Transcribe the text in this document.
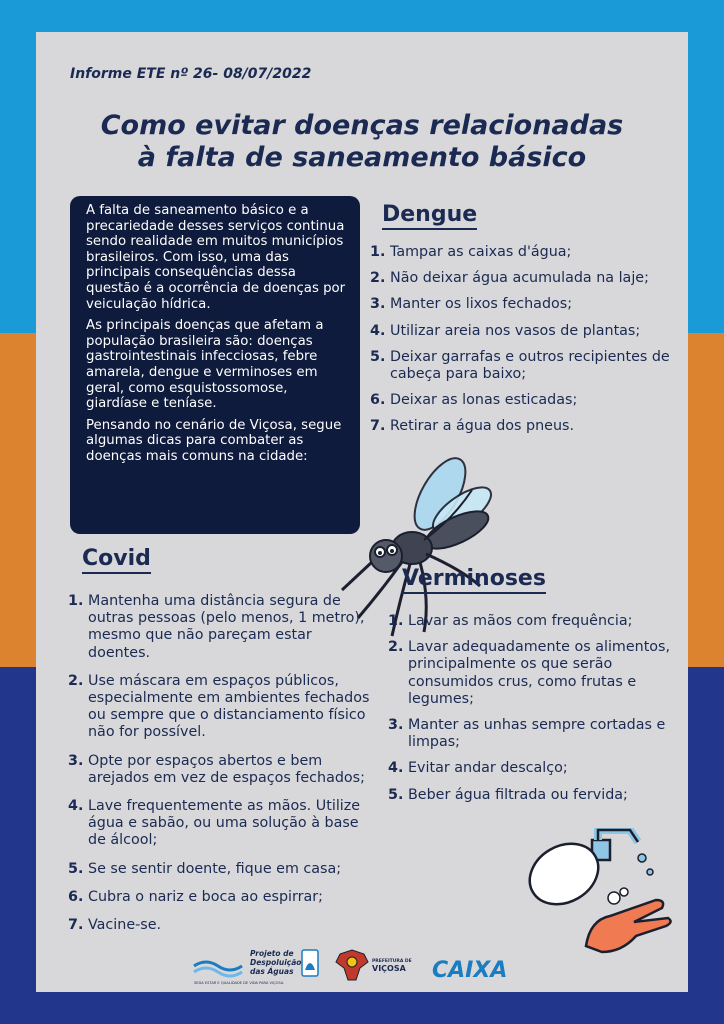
Informe ETE nº 26- 08/07/2022

Como evitar doenças relacionadas
à falta de saneamento básico

A falta de saneamento básico e a precariedade desses serviços continua sendo realidade em muitos municípios brasileiros. Com isso, uma das principais consequências dessa questão é a ocorrência de doenças por veiculação hídrica.

As principais doenças que afetam a população brasileira são: doenças gastrointestinais infecciosas, febre amarela, dengue e verminoses em geral, como esquistossomose, giardíase e teníase.

Pensando no cenário de Viçosa, segue algumas dicas para combater as doenças mais comuns na cidade:

Dengue
1. Tampar as caixas d'água;
2. Não deixar água acumulada na laje;
3. Manter os lixos fechados;
4. Utilizar areia nos vasos de plantas;
5. Deixar garrafas e outros recipientes de cabeça para baixo;
6. Deixar as lonas esticadas;
7. Retirar a água dos pneus.
Covid
1. Mantenha uma distância segura de outras pessoas (pelo menos, 1 metro), mesmo que não pareçam estar doentes.
2. Use máscara em espaços públicos, especialmente em ambientes fechados ou sempre que o distanciamento físico não for possível.
3. Opte por espaços abertos e bem arejados em vez de espaços fechados;
4. Lave frequentemente as mãos. Utilize água e sabão, ou uma solução à base de álcool;
5. Se se sentir doente, fique em casa;
6. Cubra o nariz e boca ao espirrar;
7. Vacine-se.
Verminoses
1. Lavar as mãos com frequência;
2. Lavar adequadamente os alimentos, principalmente os que serão consumidos crus, como frutas e legumes;
3. Manter as unhas sempre cortadas e limpas;
4. Evitar andar descalço;
5. Beber água filtrada ou fervida;
Projeto de
Despoluição
das Águas
SEDA ESTAR E QUALIDADE DE VIDA PARA VIÇOSA.
PREFEITURA DE
VIÇOSA CAIXA
